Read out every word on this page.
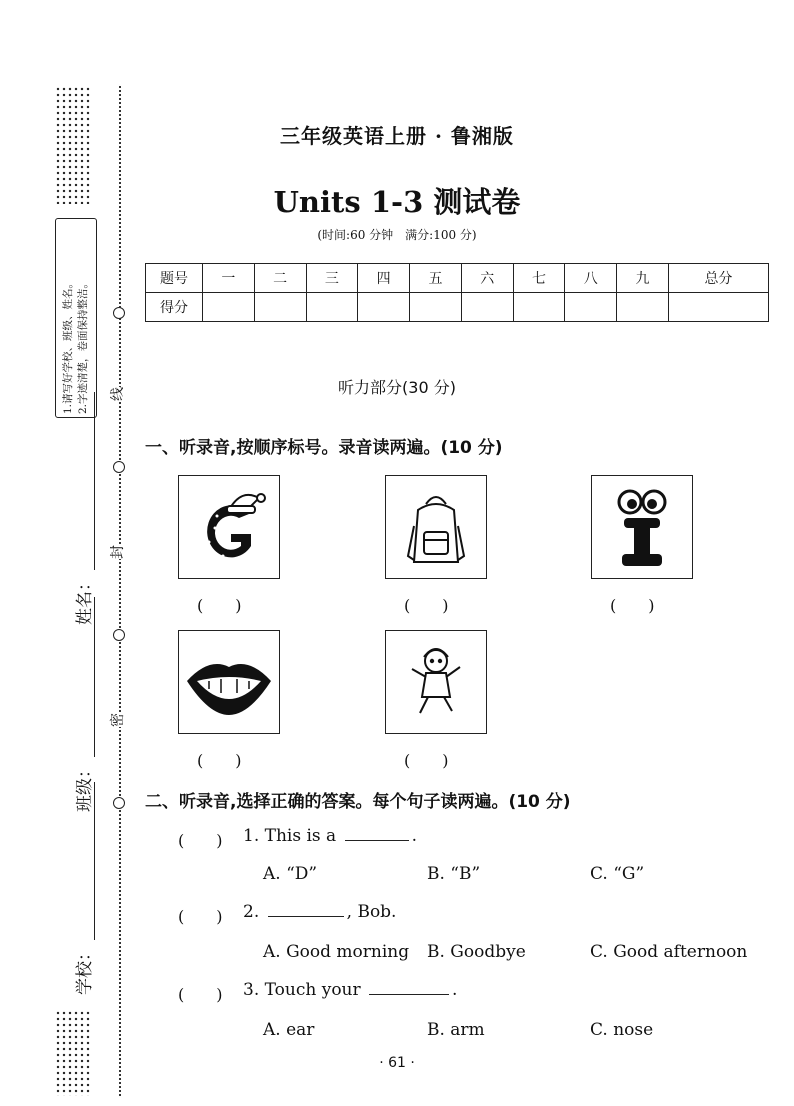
线
封
密
1.请写好学校、班级、姓名。 2.字迹清楚，卷面保持整洁。
姓名：
班级：
学校：
三年级英语上册 · 鲁湘版
Units 1-3 测试卷
(时间:60 分钟　满分:100 分)
题号	一	二	三	四	五	六	七	八	九	总分
得分										
听力部分(30 分)
一、听录音,按顺序标号。录音读两遍。(10 分)
(　　)	(　　)	(　　)
(　　)	(　　)
二、听录音,选择正确的答案。每个句子读两遍。(10 分)
(　　) 1. This is a	.
A. “D”	B. “B”	C. “G”
(　　) 2.	, Bob.
A. Good morning B. Goodbye	C. Good afternoon
(　　) 3. Touch your	.
A. ear	B. arm	C. nose
· 61 ·
